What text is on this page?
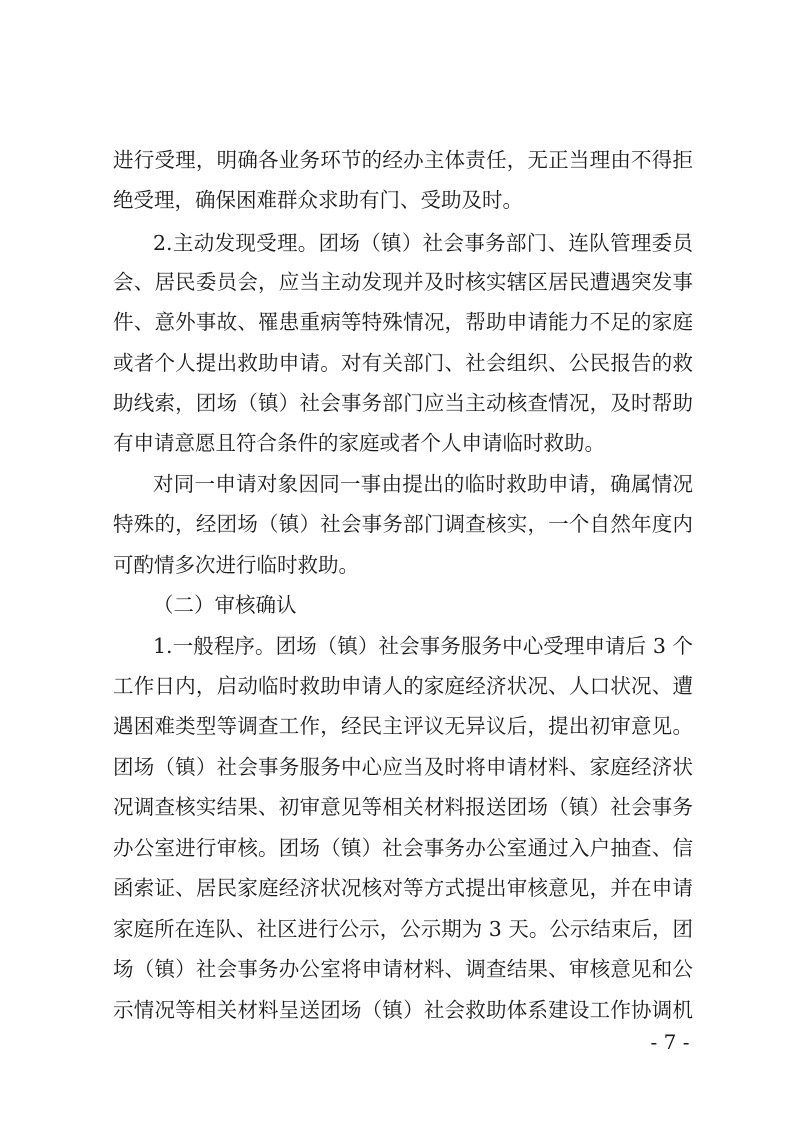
进行受理，明确各业务环节的经办主体责任，无正当理由不得拒
绝受理，确保困难群众求助有门、受助及时。
2.主动发现受理。团场（镇）社会事务部门、连队管理委员
会、居民委员会，应当主动发现并及时核实辖区居民遭遇突发事
件、意外事故、罹患重病等特殊情况，帮助申请能力不足的家庭
或者个人提出救助申请。对有关部门、社会组织、公民报告的救
助线索，团场（镇）社会事务部门应当主动核查情况，及时帮助
有申请意愿且符合条件的家庭或者个人申请临时救助。
对同一申请对象因同一事由提出的临时救助申请，确属情况
特殊的，经团场（镇）社会事务部门调查核实，一个自然年度内
可酌情多次进行临时救助。
（二）审核确认
1.一般程序。团场（镇）社会事务服务中心受理申请后 3 个
工作日内，启动临时救助申请人的家庭经济状况、人口状况、遭
遇困难类型等调查工作，经民主评议无异议后，提出初审意见。
团场（镇）社会事务服务中心应当及时将申请材料、家庭经济状
况调查核实结果、初审意见等相关材料报送团场（镇）社会事务
办公室进行审核。团场（镇）社会事务办公室通过入户抽查、信
函索证、居民家庭经济状况核对等方式提出审核意见，并在申请
家庭所在连队、社区进行公示，公示期为 3 天。公示结束后，团
场（镇）社会事务办公室将申请材料、调查结果、审核意见和公
示情况等相关材料呈送团场（镇）社会救助体系建设工作协调机
- 7 -
